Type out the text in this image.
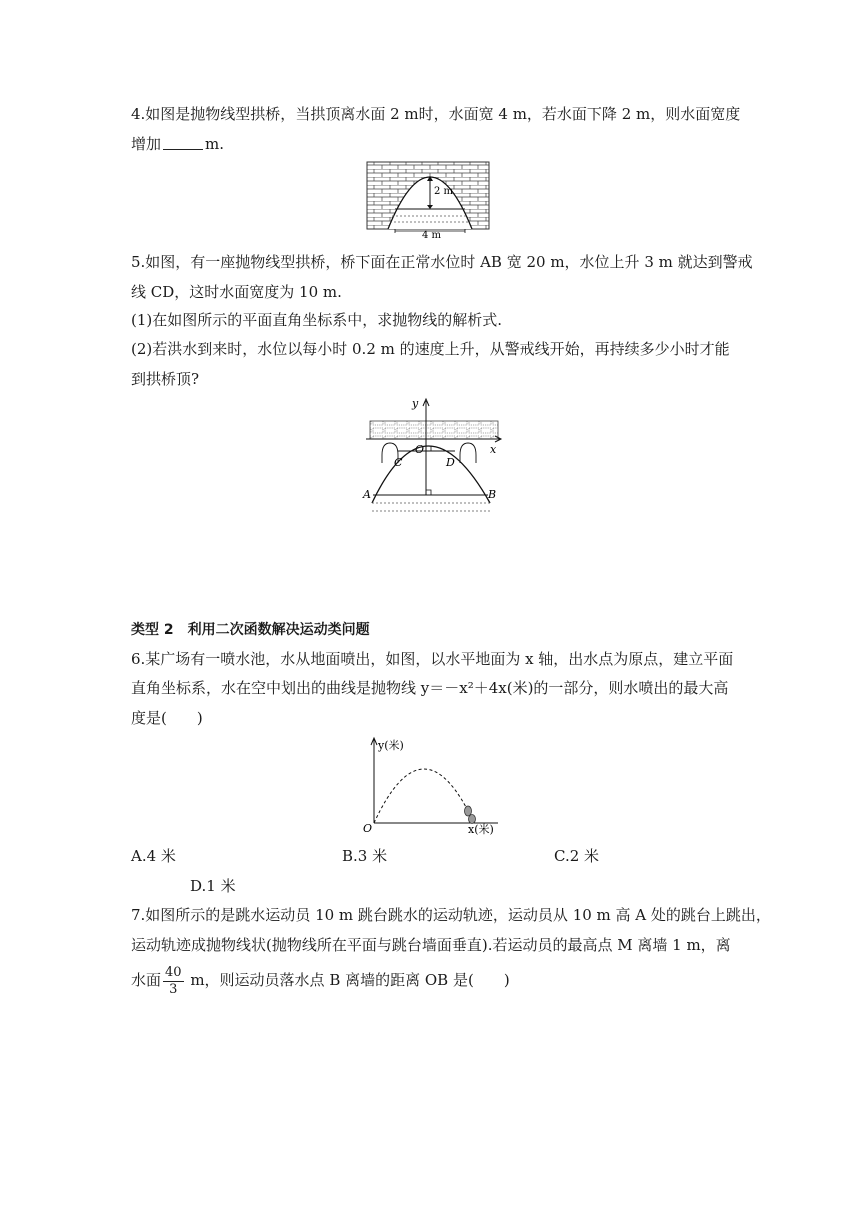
4.如图是抛物线型拱桥，当拱顶离水面 2 m时，水面宽 4 m，若水面下降 2 m，则水面宽度
增加	m.
2 m
4 m
5.如图，有一座抛物线型拱桥，桥下面在正常水位时 AB 宽 20 m，水位上升 3 m 就达到警戒
线 CD，这时水面宽度为 10 m.
(1)在如图所示的平面直角坐标系中，求抛物线的解析式.
(2)若洪水到来时，水位以每小时 0.2 m 的速度上升，从警戒线开始，再持续多少小时才能
到拱桥顶?
x
y
O
C	D
A	B
类型 2　利用二次函数解决运动类问题
6.某广场有一喷水池，水从地面喷出，如图，以水平地面为 x 轴，出水点为原点，建立平面
直角坐标系，水在空中划出的曲线是抛物线 y＝－x²＋4x(米)的一部分，则水喷出的最大高
度是(　　)
y(米)
O	x(米)
A.4 米	B.3 米	C.2 米
D.1 米
7.如图所示的是跳水运动员 10 m 跳台跳水的运动轨迹，运动员从 10 m 高 A 处的跳台上跳出，
运动轨迹成抛物线状(抛物线所在平面与跳台墙面垂直).若运动员的最高点 M 离墙 1 m，离
水面 $\frac{40}{3}$ m，则运动员落水点 B 离墙的距离 OB 是(　　)
